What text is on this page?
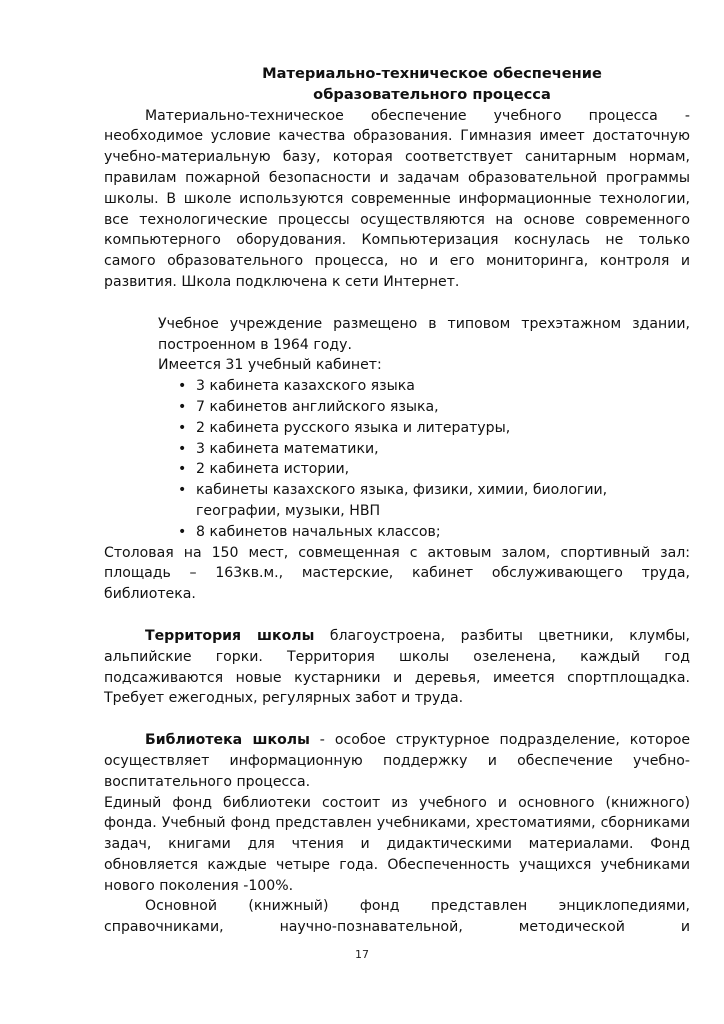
Материально-техническое обеспечение
образовательного процесса

Материально-техническое обеспечение учебного процесса - необходимое условие качества образования. Гимназия имеет достаточную учебно-материальную базу, которая соответствует санитарным нормам, правилам пожарной безопасности и задачам образовательной программы школы. В школе используются современные информационные технологии, все технологические процессы осуществляются на основе современного компьютерного оборудования. Компьютеризация коснулась не только самого образовательного процесса, но и его мониторинга, контроля и развития. Школа подключена к сети Интернет.

Учебное учреждение размещено в типовом трехэтажном здании, построенном в 1964 году.

Имеется 31 учебный кабинет:

• 3 кабинета казахского языка
• 7 кабинетов английского языка,
• 2 кабинета русского языка и литературы,
• 3 кабинета математики,
• 2 кабинета истории,
• кабинеты казахского языка, физики, химии, биологии, географии, музыки, НВП
• 8 кабинетов начальных классов;

Столовая на 150 мест, совмещенная с актовым залом, спортивный зал: площадь – 163кв.м., мастерские, кабинет обслуживающего труда, библиотека.

Территория школы благоустроена, разбиты цветники, клумбы, альпийские горки. Территория школы озеленена, каждый год подсаживаются новые кустарники и деревья, имеется спортплощадка. Требует ежегодных, регулярных забот и труда.

Библиотека школы - особое структурное подразделение, которое осуществляет информационную поддержку и обеспечение учебно-воспитательного процесса.

Единый фонд библиотеки состоит из учебного и основного (книжного) фонда. Учебный фонд представлен учебниками, хрестоматиями, сборниками задач, книгами для чтения и дидактическими материалами. Фонд обновляется каждые четыре года. Обеспеченность учащихся учебниками нового поколения -100%.

Основной (книжный) фонд представлен энциклопедиями, справочниками, научно-познавательной, методической и

17
